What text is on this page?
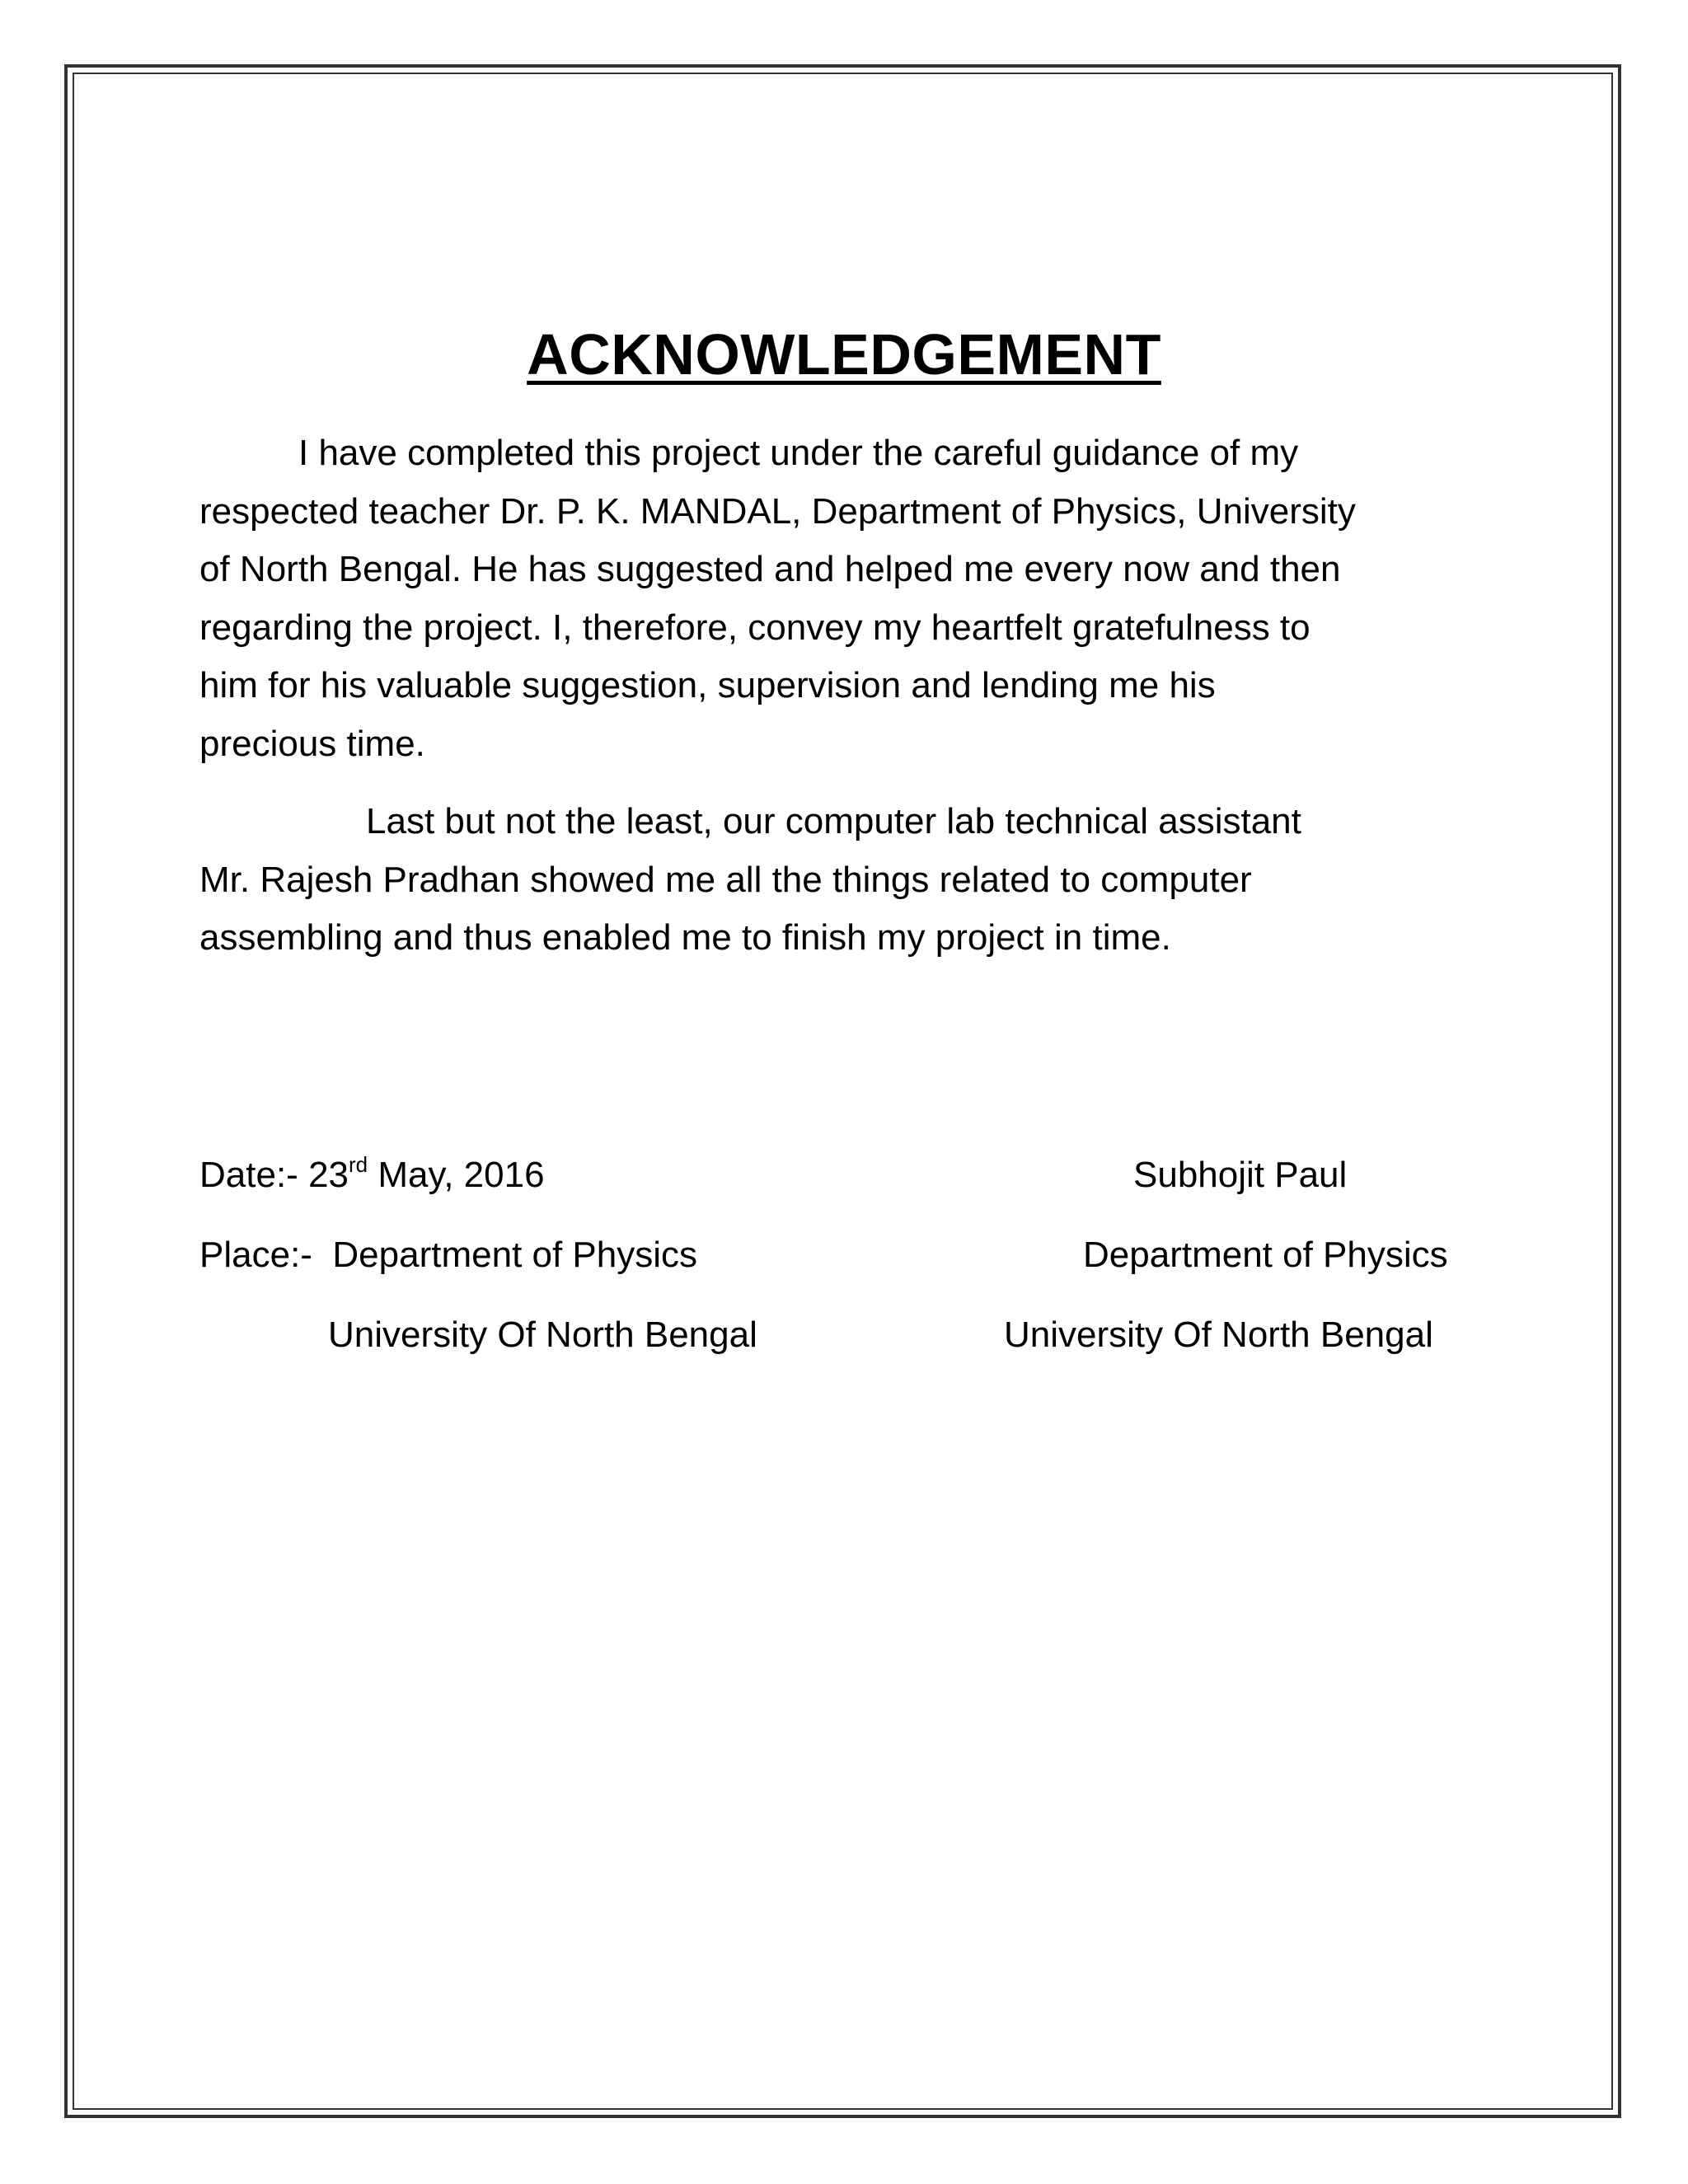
ACKNOWLEDGEMENT
I have completed this project under the careful guidance of my
respected teacher Dr. P. K. MANDAL, Department of Physics, University
of North Bengal. He has suggested and helped me every now and then
regarding the project. I, therefore, convey my heartfelt gratefulness to
him for his valuable suggestion, supervision and lending me his
precious time.
Last but not the least, our computer lab technical assistant
Mr. Rajesh Pradhan showed me all the things related to computer
assembling and thus enabled me to finish my project in time.
Date:- 23rd May, 2016
Place:- Department of Physics
University Of North Bengal
Subhojit Paul
Department of Physics
University Of North Bengal
